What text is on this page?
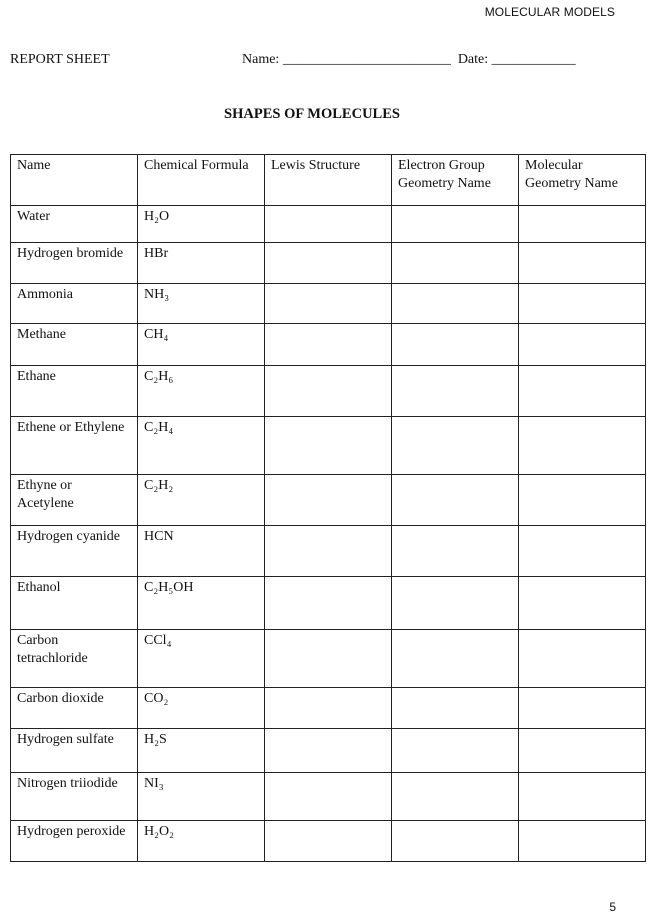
MOLECULAR MODELS
REPORT SHEET	Name: ________________________  Date: ____________
SHAPES OF MOLECULES
Name	Chemical Formula	Lewis Structure	Electron Group Geometry Name	Molecular Geometry Name
Water	H₂O			
Hydrogen bromide	HBr			
Ammonia	NH₃			
Methane	CH₄			
Ethane	C₂H₆			
Ethene or Ethylene	C₂H₄			
Ethyne or Acetylene	C₂H₂			
Hydrogen cyanide	HCN			
Ethanol	C₂H₅OH			
Carbon tetrachloride	CCl₄			
Carbon dioxide	CO₂			
Hydrogen sulfate	H₂S			
Nitrogen triiodide	NI₃			
Hydrogen peroxide	H₂O₂			
5
